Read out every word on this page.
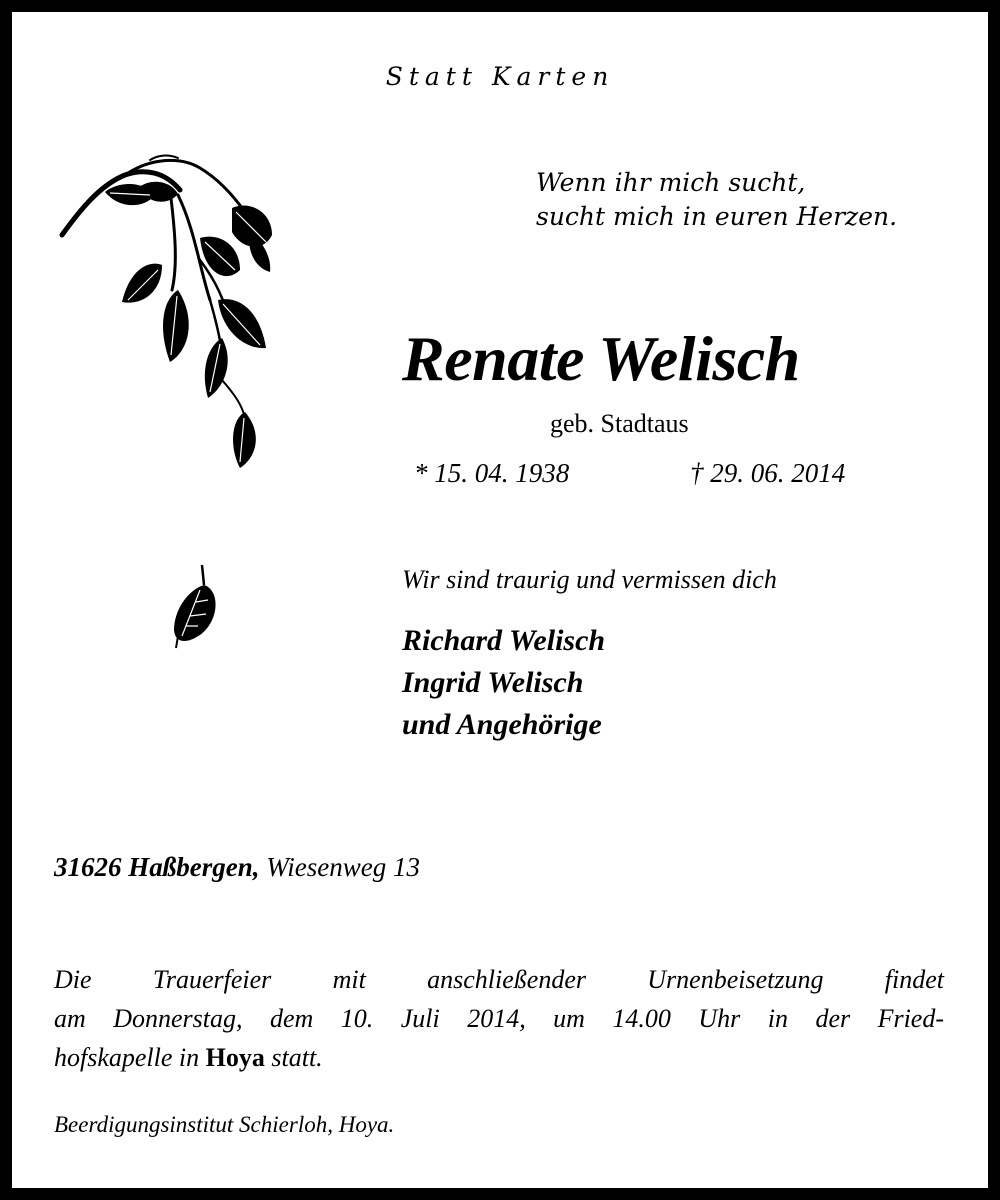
Statt Karten
Wenn ihr mich sucht,
sucht mich in euren Herzen.
Renate Welisch
geb. Stadtaus
* 15. 04. 1938	† 29. 06. 2014
Wir sind traurig und vermissen dich
Richard Welisch
Ingrid Welisch
und Angehörige
31626 Haßbergen, Wiesenweg 13
Die Trauerfeier mit anschließender Urnenbeisetzung findet
am Donnerstag, dem 10. Juli 2014, um 14.00 Uhr in der Fried-
hofskapelle in Hoya statt.
Beerdigungsinstitut Schierloh, Hoya.
